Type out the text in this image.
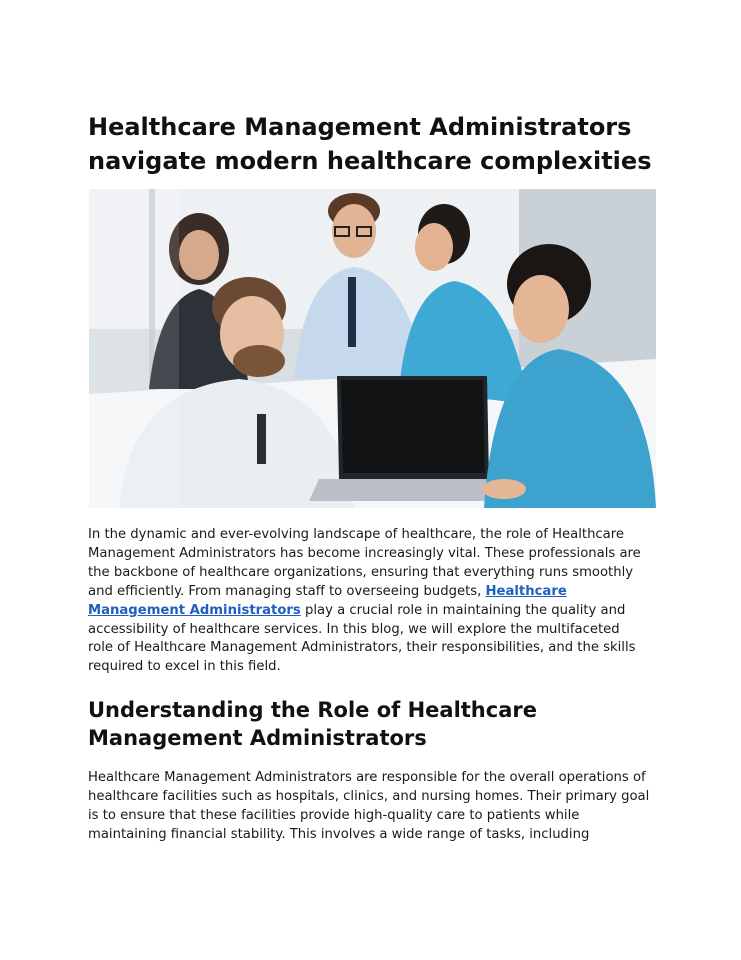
Healthcare Management Administrators navigate modern healthcare complexities

In the dynamic and ever-evolving landscape of healthcare, the role of Healthcare Management Administrators has become increasingly vital. These professionals are the backbone of healthcare organizations, ensuring that everything runs smoothly and efficiently. From managing staff to overseeing budgets, Healthcare Management Administrators play a crucial role in maintaining the quality and accessibility of healthcare services. In this blog, we will explore the multifaceted role of Healthcare Management Administrators, their responsibilities, and the skills required to excel in this field.

Understanding the Role of Healthcare Management Administrators

Healthcare Management Administrators are responsible for the overall operations of healthcare facilities such as hospitals, clinics, and nursing homes. Their primary goal is to ensure that these facilities provide high-quality care to patients while maintaining financial stability. This involves a wide range of tasks, including
